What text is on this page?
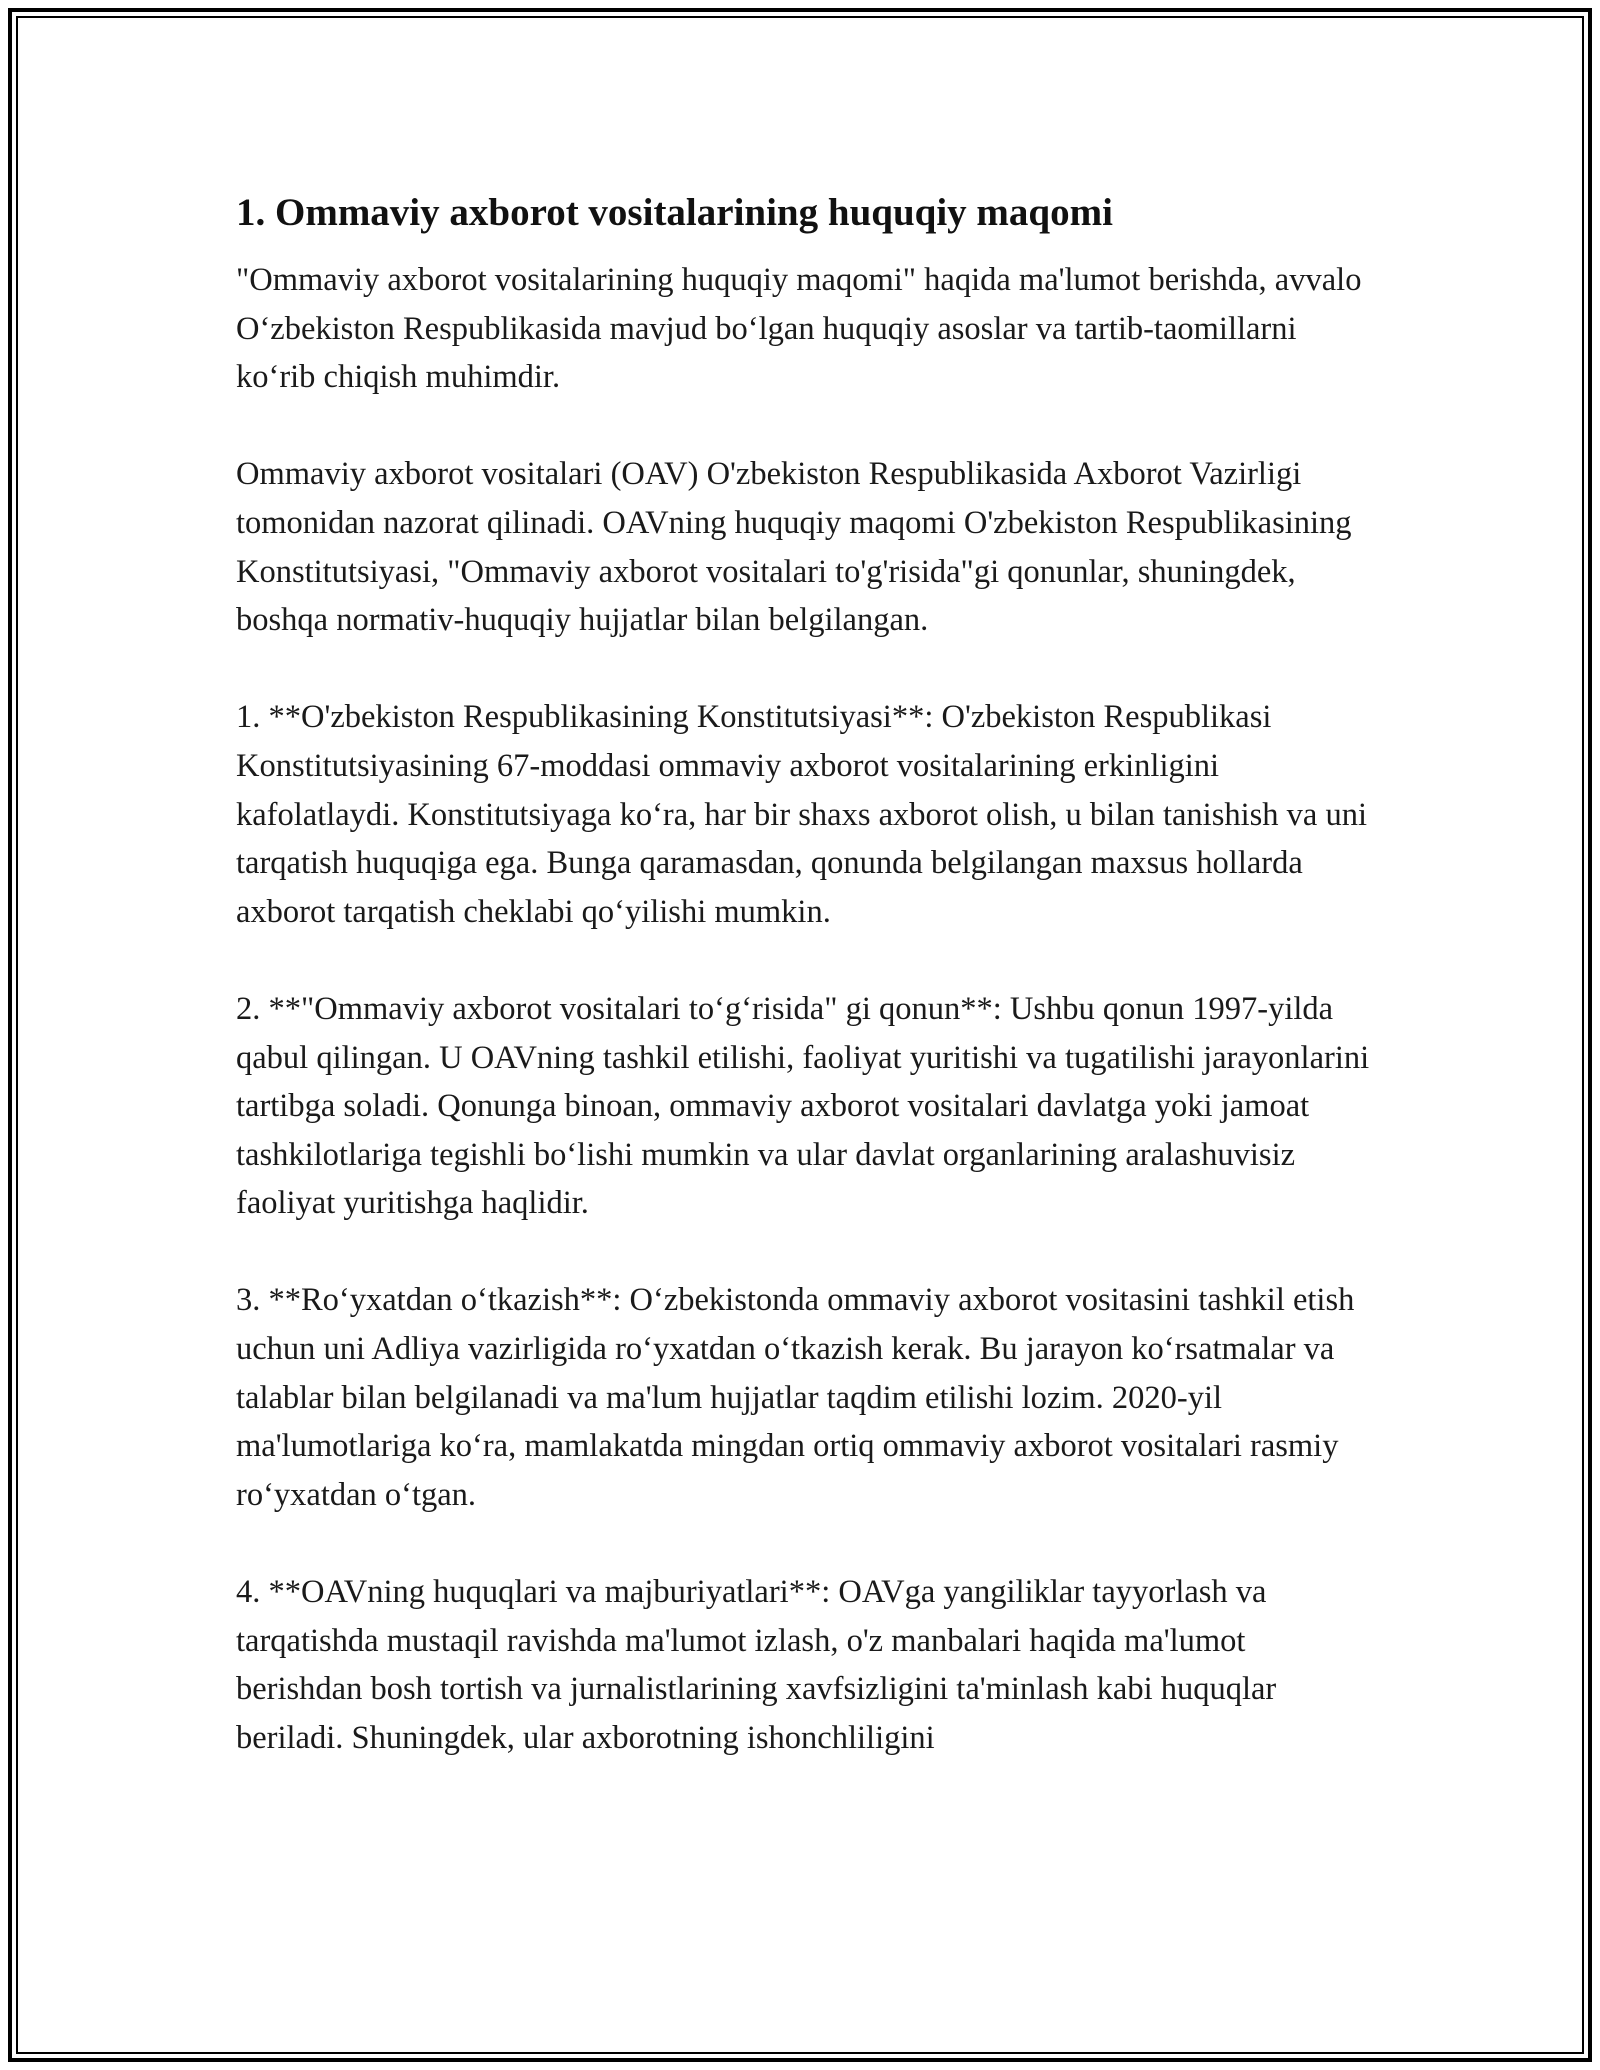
1. Ommaviy axborot vositalarining huquqiy maqomi

"Ommaviy axborot vositalarining huquqiy maqomi" haqida ma'lumot berishda, avvalo O‘zbekiston Respublikasida mavjud bo‘lgan huquqiy asoslar va tartib-taomillarni ko‘rib chiqish muhimdir.

Ommaviy axborot vositalari (OAV) O'zbekiston Respublikasida Axborot Vazirligi tomonidan nazorat qilinadi. OAVning huquqiy maqomi O'zbekiston Respublikasining Konstitutsiyasi, "Ommaviy axborot vositalari to'g'risida"gi qonunlar, shuningdek, boshqa normativ-huquqiy hujjatlar bilan belgilangan.

1. **O'zbekiston Respublikasining Konstitutsiyasi**: O'zbekiston Respublikasi Konstitutsiyasining 67-moddasi ommaviy axborot vositalarining erkinligini kafolatlaydi. Konstitutsiyaga ko‘ra, har bir shaxs axborot olish, u bilan tanishish va uni tarqatish huquqiga ega. Bunga qaramasdan, qonunda belgilangan maxsus hollarda axborot tarqatish cheklabi qo‘yilishi mumkin.

2. **"Ommaviy axborot vositalari to‘g‘risida" gi qonun**: Ushbu qonun 1997-yilda qabul qilingan. U OAVning tashkil etilishi, faoliyat yuritishi va tugatilishi jarayonlarini tartibga soladi. Qonunga binoan, ommaviy axborot vositalari davlatga yoki jamoat tashkilotlariga tegishli bo‘lishi mumkin va ular davlat organlarining aralashuvisiz faoliyat yuritishga haqlidir.

3. **Ro‘yxatdan o‘tkazish**: O‘zbekistonda ommaviy axborot vositasini tashkil etish uchun uni Adliya vazirligida ro‘yxatdan o‘tkazish kerak. Bu jarayon ko‘rsatmalar va talablar bilan belgilanadi va ma'lum hujjatlar taqdim etilishi lozim. 2020-yil ma'lumotlariga ko‘ra, mamlakatda mingdan ortiq ommaviy axborot vositalari rasmiy ro‘yxatdan o‘tgan.

4. **OAVning huquqlari va majburiyatlari**: OAVga yangiliklar tayyorlash va tarqatishda mustaqil ravishda ma'lumot izlash, o'z manbalari haqida ma'lumot berishdan bosh tortish va jurnalistlarining xavfsizligini ta'minlash kabi huquqlar beriladi. Shuningdek, ular axborotning ishonchliligini
